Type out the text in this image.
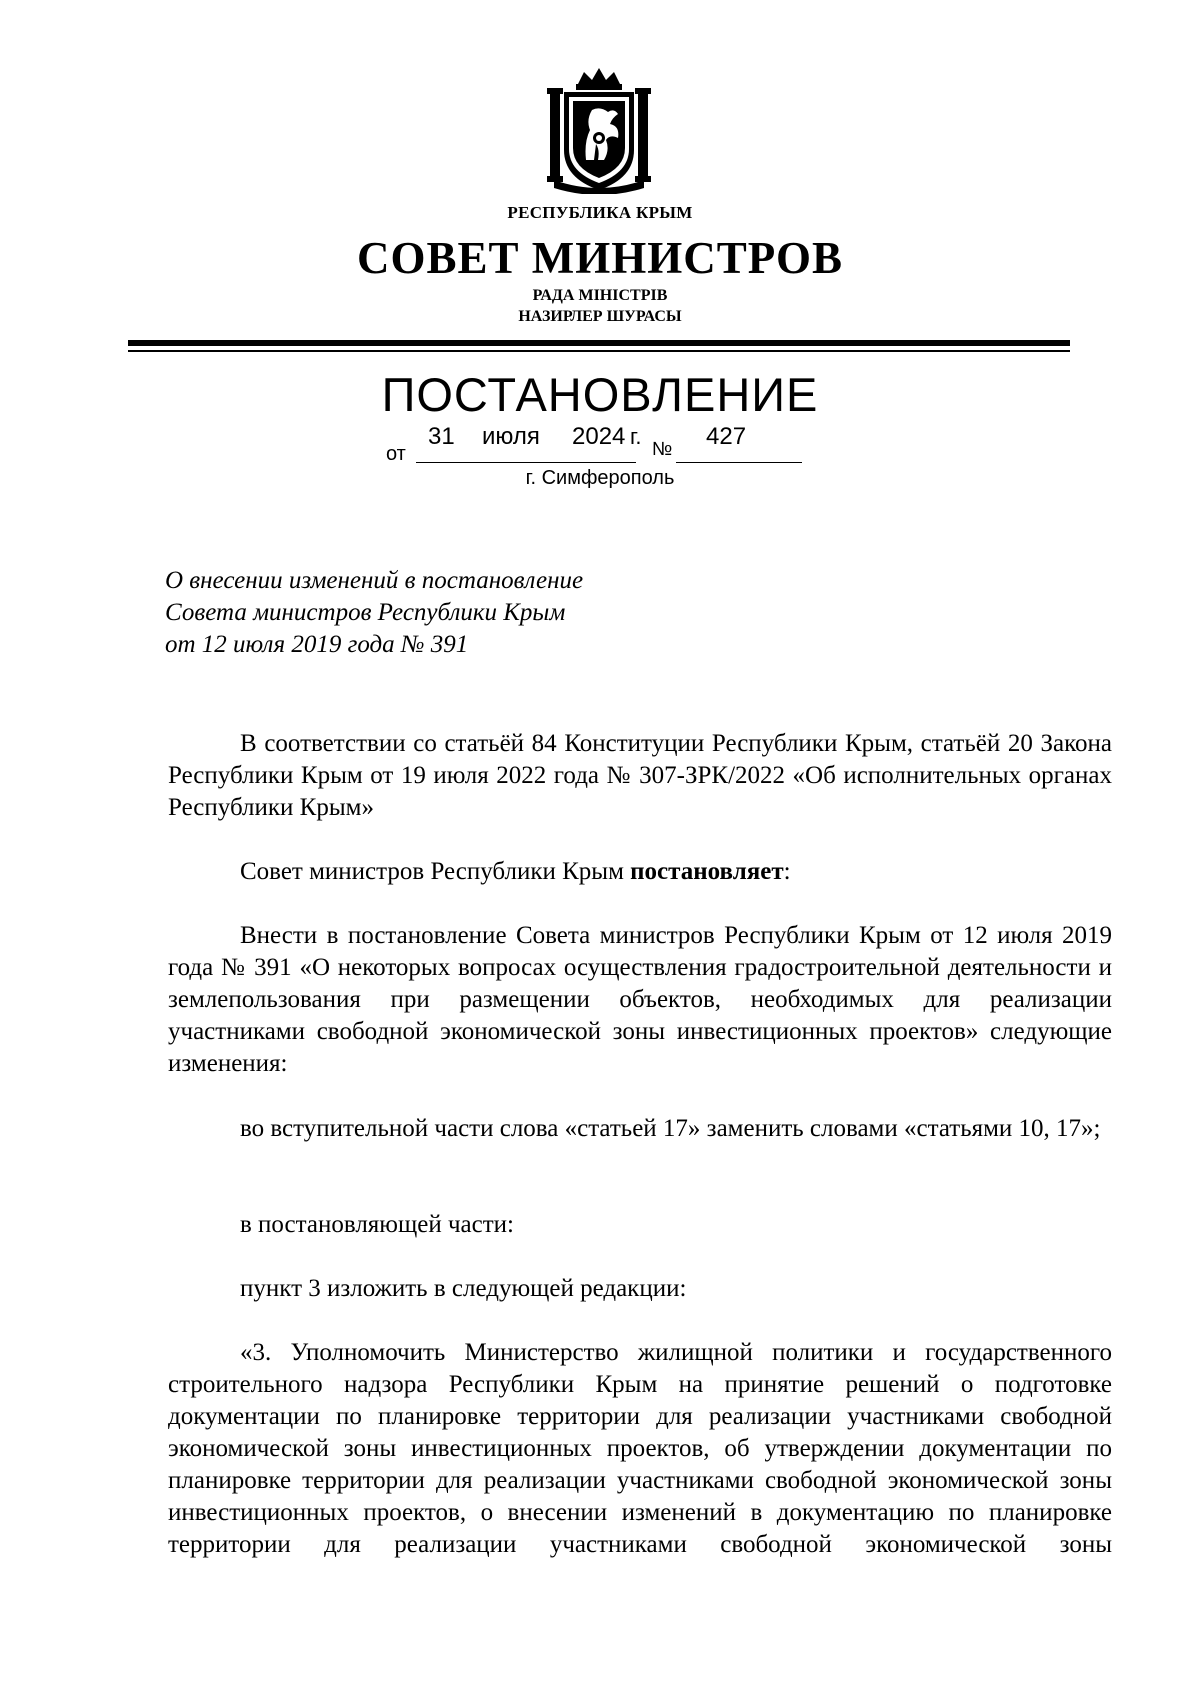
РЕСПУБЛИКА КРЫМ
СОВЕТ МИНИСТРОВ
РАДА МІНІСТРІВ
НАЗИРЛЕР ШУРАСЫ
ПОСТАНОВЛЕНИЕ
от
31 июля 2024 г.
№ 427
г. Симферополь
О внесении изменений в постановление
Совета министров Республики Крым
от 12 июля 2019 года № 391

В соответствии со статьёй 84 Конституции Республики Крым, статьёй 20 Закона Республики Крым от 19 июля 2022 года № 307-ЗРК/2022 «Об исполнительных органах Республики Крым»

Совет министров Республики Крым постановляет:

Внести в постановление Совета министров Республики Крым от 12 июля 2019 года № 391 «О некоторых вопросах осуществления градостроительной деятельности и землепользования при размещении объектов, необходимых для реализации участниками свободной экономической зоны инвестиционных проектов» следующие изменения:

во вступительной части слова «статьей 17» заменить словами «статьями 10, 17»;

в постановляющей части:

пункт 3 изложить в следующей редакции:

«3. Уполномочить Министерство жилищной политики и государственного строительного надзора Республики Крым на принятие решений о подготовке документации по планировке территории для реализации участниками свободной экономической зоны инвестиционных проектов, об утверждении документации по планировке территории для реализации участниками свободной экономической зоны инвестиционных проектов, о внесении изменений в документацию по планировке территории для реализации участниками свободной экономической зоны
